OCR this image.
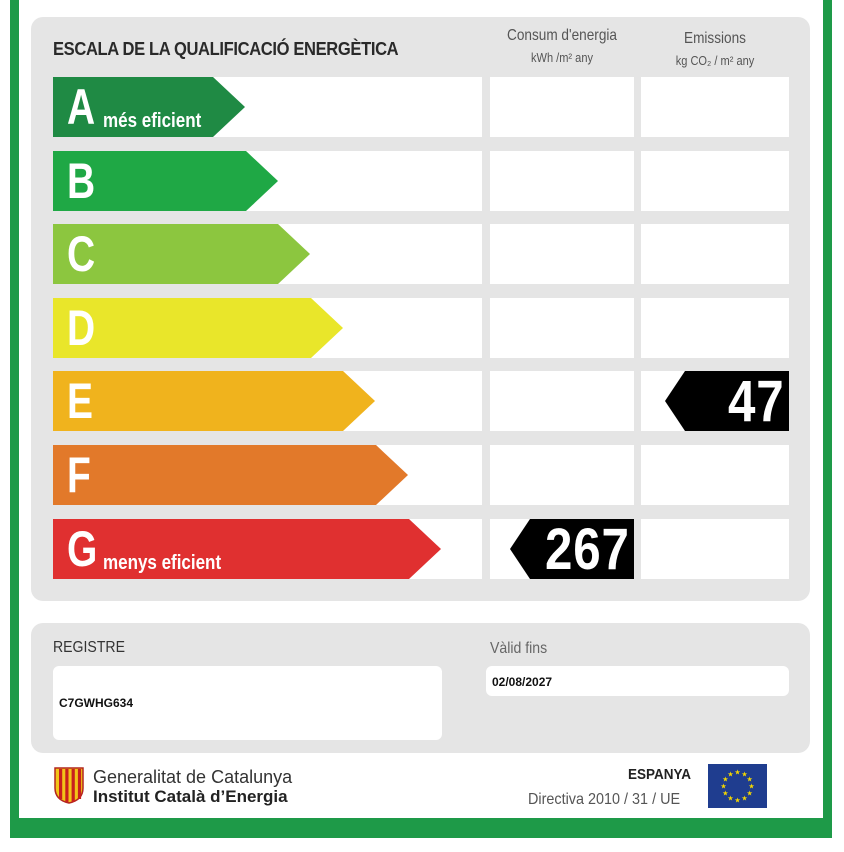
ESCALA DE LA QUALIFICACIÓ ENERGÈTICA
Consum d'energia
kWh /m² any
Emissions
kg CO₂ / m² any
A més eficient
B
C
D
E
F
G menys eficient	267
47
REGISTRE
C7GWHG634
Vàlid fins
02/08/2027
Generalitat de Catalunya
Institut Català d’Energia
ESPANYA
Directiva 2010 / 31 / UE
★ ★
★
★
★
★
★
★
★
★
★
★
